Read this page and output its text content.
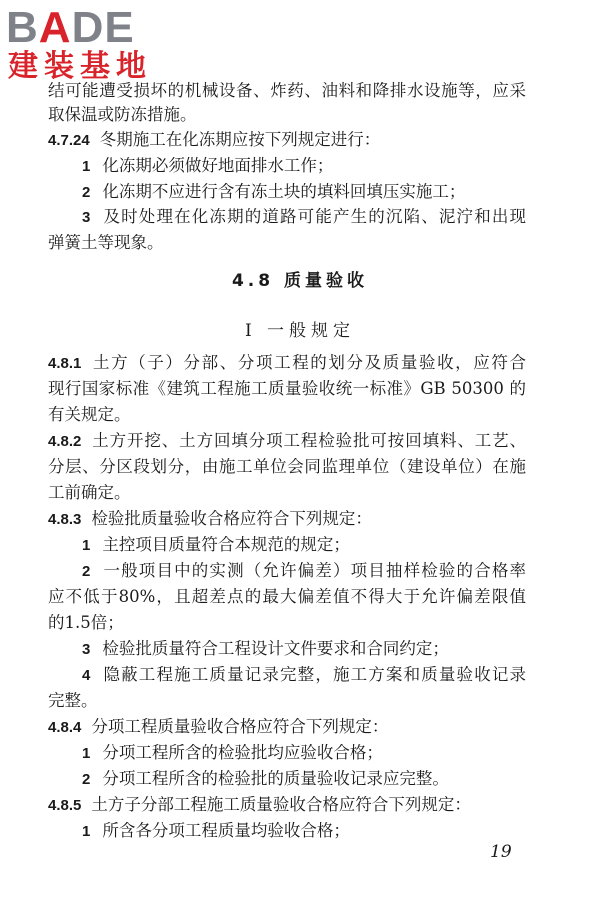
BADE
建装基地
结可能遭受损坏的机械设备、炸药、油料和降排水设施等，应采
取保温或防冻措施。
4.7.24 冬期施工在化冻期应按下列规定进行：
1 化冻期必须做好地面排水工作；
2 化冻期不应进行含有冻土块的填料回填压实施工；
3 及时处理在化冻期的道路可能产生的沉陷、泥泞和出现
弹簧土等现象。
4.8 质量验收
Ⅰ 一般规定
4.8.1 土方（子）分部、分项工程的划分及质量验收，应符合
现行国家标准《建筑工程施工质量验收统一标准》GB 50300 的
有关规定。
4.8.2 土方开挖、土方回填分项工程检验批可按回填料、工艺、
分层、分区段划分，由施工单位会同监理单位（建设单位）在施
工前确定。
4.8.3 检验批质量验收合格应符合下列规定：
1 主控项目质量符合本规范的规定；
2 一般项目中的实测（允许偏差）项目抽样检验的合格率
应不低于80%，且超差点的最大偏差值不得大于允许偏差限值
的1.5倍；
3 检验批质量符合工程设计文件要求和合同约定；
4 隐蔽工程施工质量记录完整，施工方案和质量验收记录
完整。
4.8.4 分项工程质量验收合格应符合下列规定：
1 分项工程所含的检验批均应验收合格；
2 分项工程所含的检验批的质量验收记录应完整。
4.8.5 土方子分部工程施工质量验收合格应符合下列规定：
1 所含各分项工程质量均验收合格；
19
